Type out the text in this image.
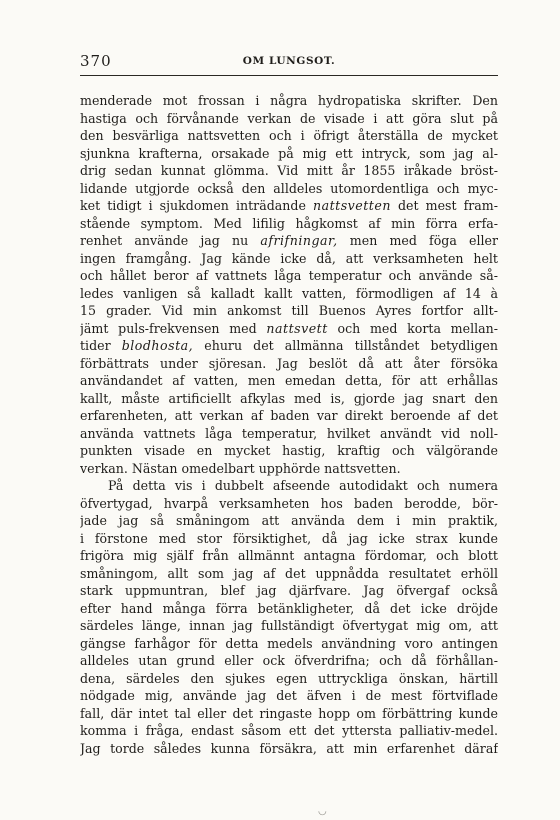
370	OM LUNGSOT.
menderade mot frossan i några hydropatiska skrifter. Den
hastiga och förvånande verkan de visade i att göra slut på
den besvärliga nattsvetten och i öfrigt återställa de mycket
sjunkna krafterna, orsakade på mig ett intryck, som jag al-
drig sedan kunnat glömma. Vid mitt år 1855 iråkade bröst-
lidande utgjorde också den alldeles utomordentliga och myc-
ket tidigt i sjukdomen inträdande nattsvetten det mest fram-
stående symptom. Med lifilig hågkomst af min förra erfa-
renhet använde jag nu afrifningar, men med föga eller
ingen framgång. Jag kände icke då, att verksamheten helt
och hållet beror af vattnets låga temperatur och använde så-
ledes vanligen så kalladt kallt vatten, förmodligen af 14 à
15 grader. Vid min ankomst till Buenos Ayres fortfor allt-
jämt puls-frekvensen med nattsvett och med korta mellan-
tider blodhosta, ehuru det allmänna tillståndet betydligen
förbättrats under sjöresan. Jag beslöt då att åter försöka
användandet af vatten, men emedan detta, för att erhållas
kallt, måste artificiellt afkylas med is, gjorde jag snart den
erfarenheten, att verkan af baden var direkt beroende af det
använda vattnets låga temperatur, hvilket användt vid noll-
punkten visade en mycket hastig, kraftig och välgörande
verkan. Nästan omedelbart upphörde nattsvetten.
På detta vis i dubbelt afseende autodidakt och numera
öfvertygad, hvarpå verksamheten hos baden berodde, bör-
jade jag så småningom att använda dem i min praktik,
i förstone med stor försiktighet, då jag icke strax kunde
frigöra mig själf från allmännt antagna fördomar, och blott
småningom, allt som jag af det uppnådda resultatet erhöll
stark uppmuntran, blef jag djärfvare. Jag öfvergaf också
efter hand många förra betänkligheter, då det icke dröjde
särdeles länge, innan jag fullständigt öfvertygat mig om, att
gängse farhågor för detta medels användning voro antingen
alldeles utan grund eller ock öfverdrifna; och då förhållan-
dena, särdeles den sjukes egen uttryckliga önskan, härtill
nödgade mig, använde jag det äfven i de mest förtviflade
fall, där intet tal eller det ringaste hopp om förbättring kunde
komma i fråga, endast såsom ett det yttersta palliativ-medel.
Jag torde således kunna försäkra, att min erfarenhet däraf
◡
